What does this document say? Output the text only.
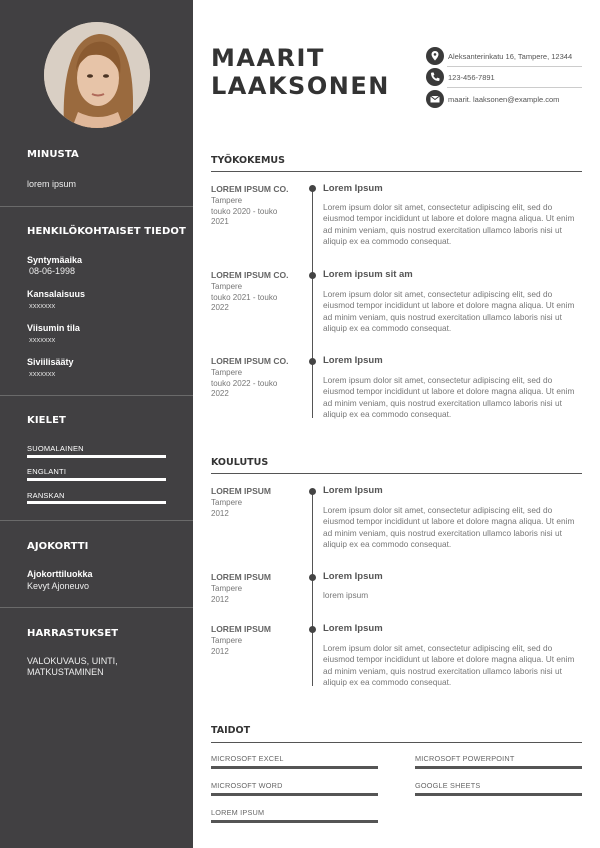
MINUSTA
lorem ipsum
HENKILÖKOHTAISET TIEDOT
Syntymäaika
08-06-1998
Kansalaisuus
xxxxxxx
Viisumin tila
xxxxxxx
Siviilisääty
xxxxxxx
KIELET
SUOMALAINEN
ENGLANTI
RANSKAN
AJOKORTTI
Ajokorttiluokka
Kevyt Ajoneuvo
HARRASTUKSET
VALOKUVAUS, UINTI,
MATKUSTAMINEN
MAARIT
LAAKSONEN
Aleksanterinkatu 16, Tampere, 12344
123-456-7891
maarit. laaksonen@example.com
TYÖKOKEMUS
LOREM IPSUM CO.
Tampere
touko 2020 - touko
2021
Lorem Ipsum
Lorem ipsum dolor sit amet, consectetur adipiscing elit, sed do eiusmod tempor incididunt ut labore et dolore magna aliqua. Ut enim ad minim veniam, quis nostrud exercitation ullamco laboris nisi ut aliquip ex ea commodo consequat.
LOREM IPSUM CO.
Tampere
touko 2021 - touko
2022
Lorem ipsum sit am
Lorem ipsum dolor sit amet, consectetur adipiscing elit, sed do eiusmod tempor incididunt ut labore et dolore magna aliqua. Ut enim ad minim veniam, quis nostrud exercitation ullamco laboris nisi ut aliquip ex ea commodo consequat.
LOREM IPSUM CO.
Tampere
touko 2022 - touko
2022
Lorem Ipsum
Lorem ipsum dolor sit amet, consectetur adipiscing elit, sed do eiusmod tempor incididunt ut labore et dolore magna aliqua. Ut enim ad minim veniam, quis nostrud exercitation ullamco laboris nisi ut aliquip ex ea commodo consequat.
KOULUTUS
LOREM IPSUM
Tampere
2012
Lorem Ipsum
Lorem ipsum dolor sit amet, consectetur adipiscing elit, sed do eiusmod tempor incididunt ut labore et dolore magna aliqua. Ut enim ad minim veniam, quis nostrud exercitation ullamco laboris nisi ut aliquip ex ea commodo consequat.
LOREM IPSUM
Tampere
2012
Lorem Ipsum
lorem ipsum
LOREM IPSUM
Tampere
2012
Lorem Ipsum
Lorem ipsum dolor sit amet, consectetur adipiscing elit, sed do eiusmod tempor incididunt ut labore et dolore magna aliqua. Ut enim ad minim veniam, quis nostrud exercitation ullamco laboris nisi ut aliquip ex ea commodo consequat.
TAIDOT
MICROSOFT EXCEL	MICROSOFT POWERPOINT
MICROSOFT WORD	GOOGLE SHEETS
LOREM IPSUM
